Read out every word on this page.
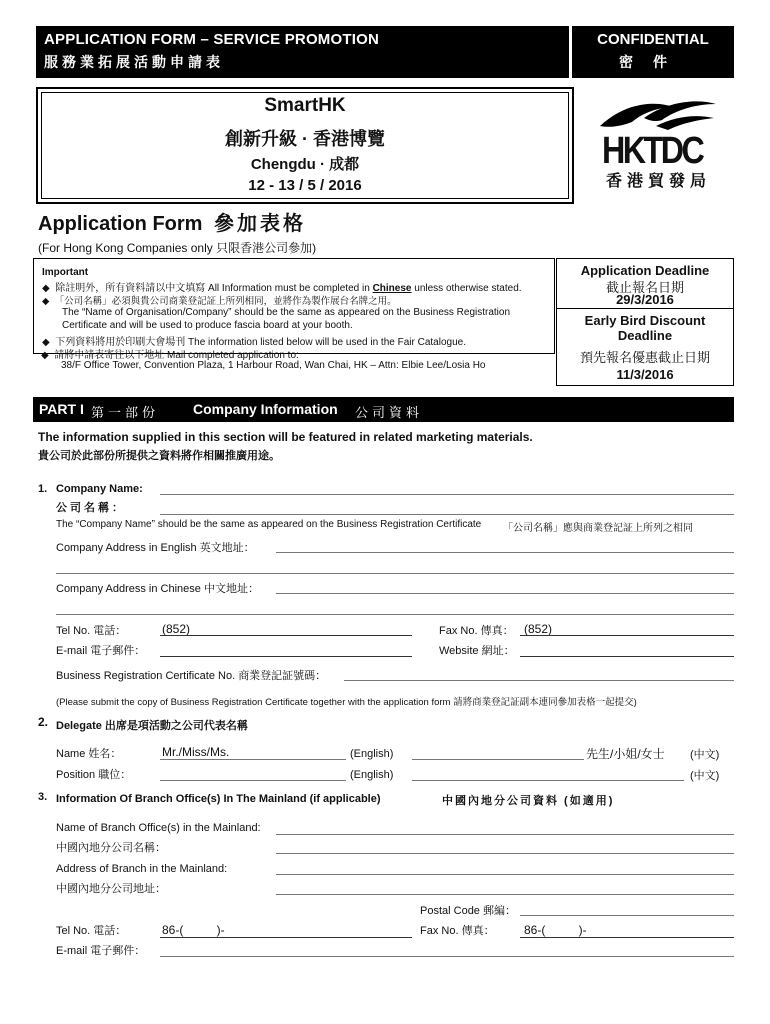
APPLICATION FORM – SERVICE PROMOTION
服務業拓展活動申請表
CONFIDENTIAL
密件
SmartHK
創新升級 · 香港博覽
Chengdu · 成都
12 - 13 / 5 / 2016
HKTDC
香港貿發局
Application Form 參加表格
(For Hong Kong Companies only 只限香港公司參加)
Important
◆ 除註明外，所有資料請以中文填寫 All Information must be completed in Chinese unless otherwise stated.
◆ 「公司名稱」必須與貴公司商業登記証上所列相同，並將作為製作展台名牌之用。
The “Name of Organisation/Company” should be the same as appeared on the Business Registration
Certificate and will be used to produce fascia board at your booth.
◆ 下列資料將用於印刷大會場刊 The information listed below will be used in the Fair Catalogue.
◆ 請將申請表寄往以下地址 Mail completed application to:
38/F Office Tower, Convention Plaza, 1 Harbour Road, Wan Chai, HK – Attn: Elbie Lee/Losia Ho
Application Deadline
截止報名日期
29/3/2016
Early Bird Discount
Deadline
預先報名優惠截止日期
11/3/2016
PART I 第一部份 Company Information 公司資料
The information supplied in this section will be featured in related marketing materials.
貴公司於此部份所提供之資料將作相關推廣用途。
1. Company Name:
公司名稱：
The “Company Name” should be the same as appeared on the Business Registration Certificate 「公司名稱」應與商業登記証上所列之相同
Company Address in English 英文地址：
Company Address in Chinese 中文地址：
Tel No. 電話：	(852)	Fax No. 傳真： (852)
E-mail 電子郵件：	Website 網址：
Business Registration Certificate No. 商業登記証號碼：
(Please submit the copy of Business Registration Certificate together with the application form 請將商業登記証副本連同參加表格一起提交)
2. Delegate 出席是項活動之公司代表名稱
Name 姓名：	Mr./Miss/Ms.	(English)	先生/小姐/女士 (中文)
Position 職位：	(English)	(中文)
3. Information Of Branch Office(s) In The Mainland (if applicable)	中國內地分公司資料 (如適用)
Name of Branch Office(s) in the Mainland:
中國內地分公司名稱：
Address of Branch in the Mainland:
中國內地分公司地址：
Postal Code 郵編：
Tel No. 電話：	86-(          )-	Fax No. 傳真： 86-(          )-
E-mail 電子郵件：
